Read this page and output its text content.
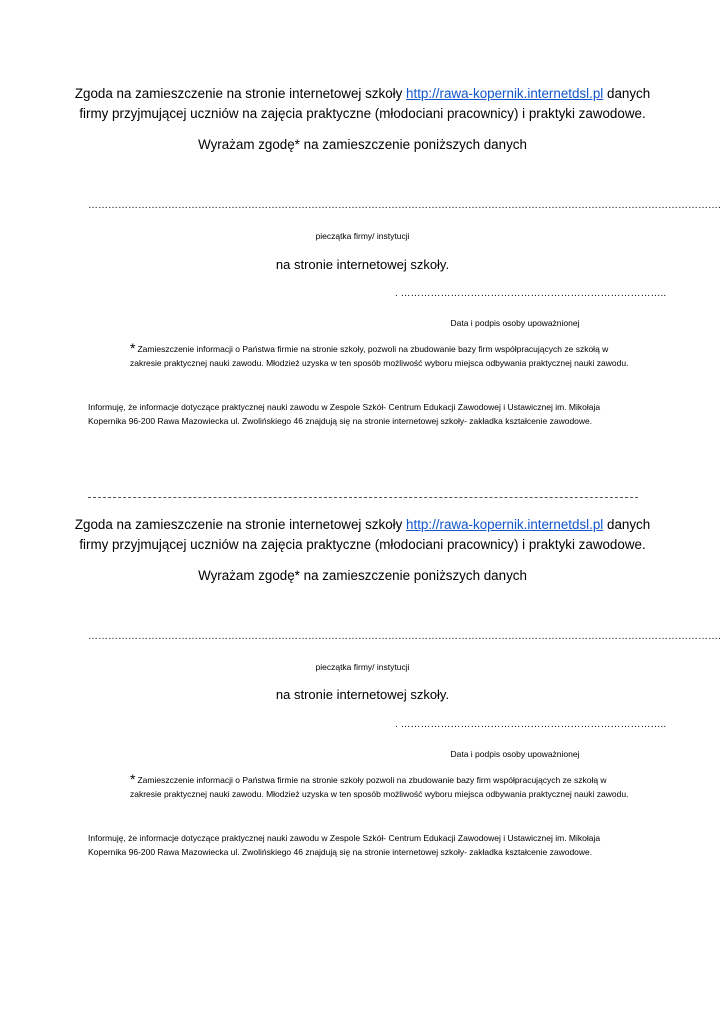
Zgoda na zamieszczenie na stronie internetowej szkoły http://rawa-kopernik.internetdsl.pl danych
firmy przyjmującej uczniów na zajęcia praktyczne (młodociani pracownicy) i praktyki zawodowe.
Wyrażam zgodę* na zamieszczenie poniższych danych
……………………………………………………………………………………………………………………………………………………………………….
pieczątka firmy/ instytucji
na stronie internetowej szkoły.
. ……………………………………………………………………..
Data i podpis osoby upoważnionej
* Zamieszczenie informacji o Państwa firmie na stronie szkoły, pozwoli na zbudowanie bazy firm współpracujących ze szkołą w zakresie praktycznej nauki zawodu. Młodzież uzyska w ten sposób możliwość wyboru miejsca odbywania praktycznej nauki zawodu.
Informuję, że informacje dotyczące praktycznej nauki zawodu w Zespole Szkół- Centrum Edukacji Zawodowej i Ustawicznej im. Mikołaja Kopernika 96-200 Rawa Mazowiecka ul. Zwolińskiego 46 znajdują się na stronie internetowej szkoły- zakładka kształcenie zawodowe.
Zgoda na zamieszczenie na stronie internetowej szkoły http://rawa-kopernik.internetdsl.pl danych
firmy przyjmującej uczniów na zajęcia praktyczne (młodociani pracownicy) i praktyki zawodowe.
Wyrażam zgodę* na zamieszczenie poniższych danych
……………………………………………………………………………………………………………………………………………………………………….
pieczątka firmy/ instytucji
na stronie internetowej szkoły.
. ……………………………………………………………………..
Data i podpis osoby upoważnionej
* Zamieszczenie informacji o Państwa firmie na stronie szkoły pozwoli na zbudowanie bazy firm współpracujących ze szkołą w zakresie praktycznej nauki zawodu. Młodzież uzyska w ten sposób możliwość wyboru miejsca odbywania praktycznej nauki zawodu.
Informuję, że informacje dotyczące praktycznej nauki zawodu w Zespole Szkół- Centrum Edukacji Zawodowej i Ustawicznej im. Mikołaja Kopernika 96-200 Rawa Mazowiecka ul. Zwolińskiego 46 znajdują się na stronie internetowej szkoły- zakładka kształcenie zawodowe.
